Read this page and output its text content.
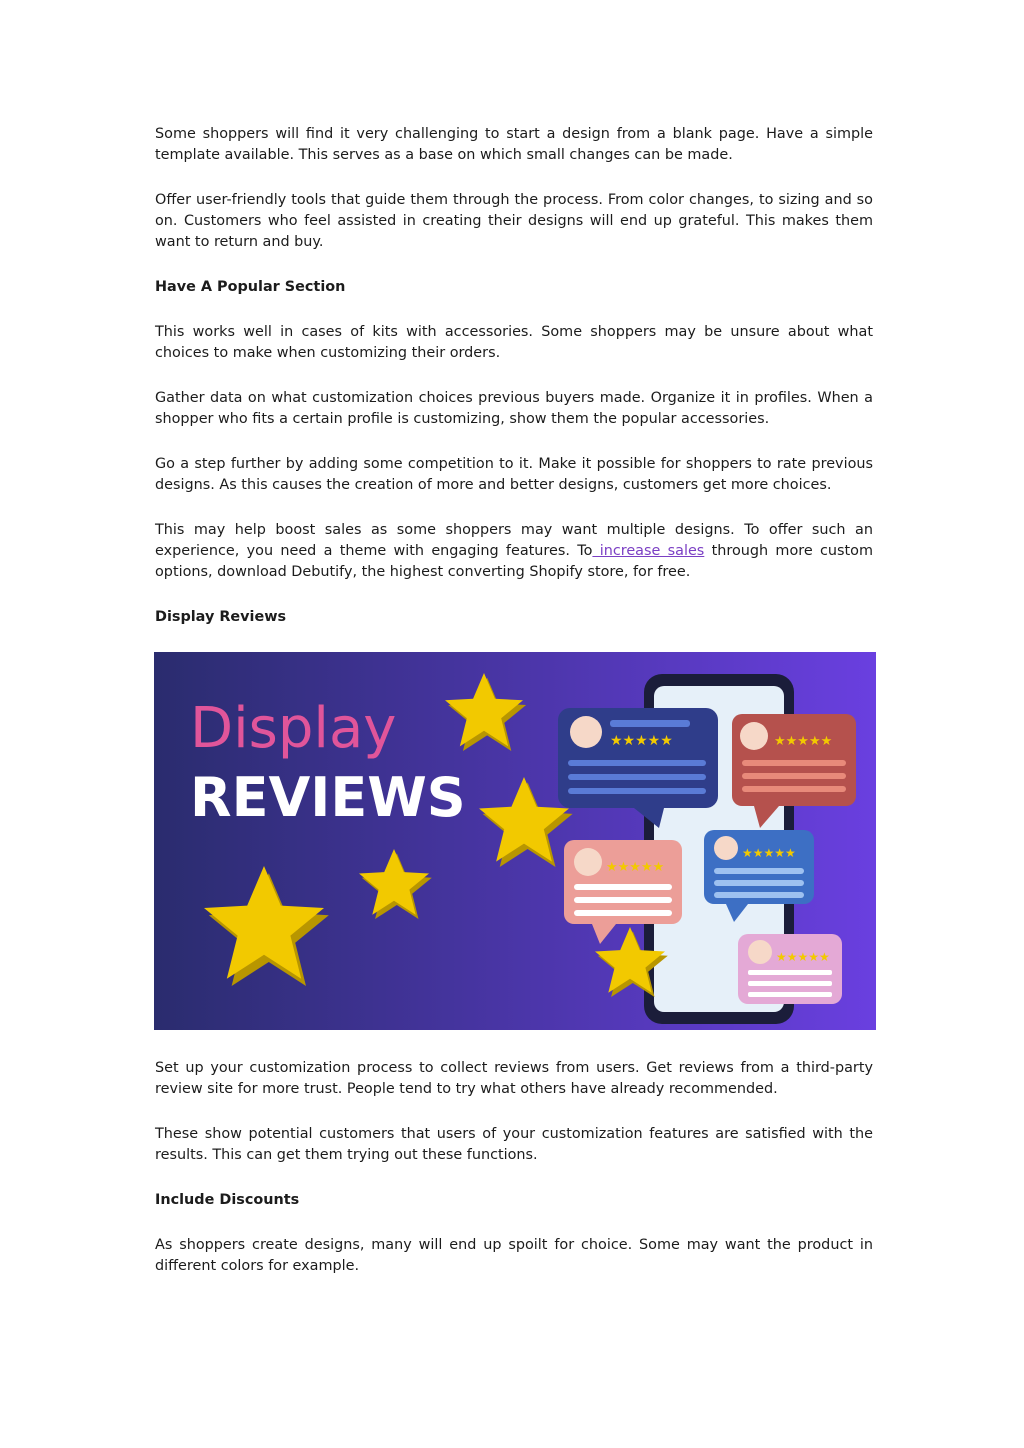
Some shoppers will find it very challenging to start a design from a blank page. Have a simple template available. This serves as a base on which small changes can be made.

Offer user-friendly tools that guide them through the process. From color changes, to sizing and so on. Customers who feel assisted in creating their designs will end up grateful. This makes them want to return and buy.

Have A Popular Section

This works well in cases of kits with accessories. Some shoppers may be unsure about what choices to make when customizing their orders.

Gather data on what customization choices previous buyers made. Organize it in profiles. When a shopper who fits a certain profile is customizing, show them the popular accessories.

Go a step further by adding some competition to it. Make it possible for shoppers to rate previous designs. As this causes the creation of more and better designs, customers get more choices.

This may help boost sales as some shoppers may want multiple designs. To offer such an experience, you need a theme with engaging features. To increase sales through more custom options, download Debutify, the highest converting Shopify store, for free.

Display Reviews

Display
REVIEWS
★★★★★	★★★★★
★★★★★
★★★★★
★★★★★

Set up your customization process to collect reviews from users. Get reviews from a third-party review site for more trust. People tend to try what others have already recommended.

These show potential customers that users of your customization features are satisfied with the results. This can get them trying out these functions.

Include Discounts

As shoppers create designs, many will end up spoilt for choice. Some may want the product in different colors for example.
